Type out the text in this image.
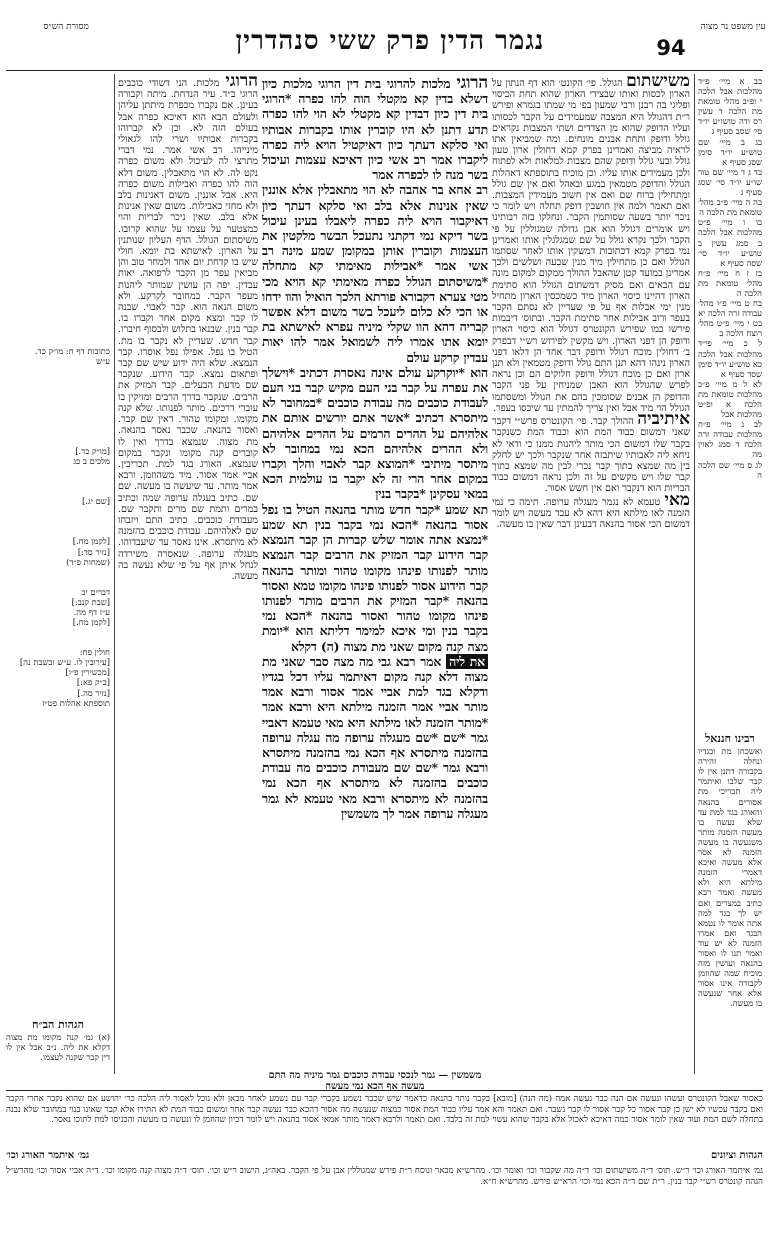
מסורת הש״ס	נגמר הדין פרק ששי סנהדרין	94
עין משפט נר מצוה

בב א מיי׳ פ״ד מהלכות אבל הלכה י ופ״ב מהל׳ טומאת מת הלכה ד עשין רס ודה טושו״ע יו״ד סי׳ שסב סעיף ג

בג ב מיי׳ שם טוש״ע יו״ד סימן שסג סעיף א

בד ג ד מיי׳ שם טור שו״ע יו״ד סי׳ שסג סעיף ג

בה ה מיי׳ פ״ב מהל׳ טומאת מת הלכה ה

בו ו מיי׳ פ״ט מהלכות אבל הלכה ב סמג עשין ב טוש״ע יו״ד סי׳ שסה סעיף א

בז ז ח מיי׳ פ״ח מהל׳ טומאת מת הלכה ה

בח ט מיי׳ פ״ו מהל׳ עבודה זרה הלכה יא

בט י מיי׳ פ״ט מהל׳ רוצח הלכה ב

ל כ מיי׳ פי״ד מהלכות אבל הלכה כא טוש״ע יו״ד סימן שסד סעיף א

לא ל מ מיי׳ פ״ב מהלכות טומאת מת הלכה א ופ״ט מהלכות אבל

לב נ מיי׳ פ״ח מהלכות עבודה זרה הלכה ד סמג לאוין מה

לג ס מיי׳ שם הלכה ה

רבינו חננאל

ואשכחן מת ובגדיו ונחלה זהירה בקבורה דתנן אין לו קבר שלבו ואיתמר ליה תכריכי מת אסורים בהנאה והאורג בגד למת עד שלא נעשה בו מעשה הזמנה מותר משנעשה בו מעשה הזמנה לא אסר אלא מעשה ואיכא דאמרי הזמנה מילתא היא ולא מעשה ואמר רבא כתיב במצרים ואם יש לך בגד למה אתה אומר לו נטמא הבגד ואם אמרו הזמנה לא יש עוד ואמר תנו לו ואסור בהנאה ועושין מזה מוכיח שמה שהוזמן לקבורה אינו אסור אלא אחר שנעשה בו מעשה.

משישתום הגולל. פי׳ הקונט׳ הוא דף הנתון על הארון לכסות ואותו שבצידי הארון שהוא תחת הכיסוי ופליגי בה רבנן ורבי שמעון בפ׳ מי שמתו בגמרא ופירש ר״ת דהגולל היא המצבה שמעמידים על הקבר לכסותו ועליו הדופק שהוא מן הצדדים ושתי המצבות נקראים גולל ודופק ותחת אבנים מונחים. ומה שמביאין אתו לראיה מביצה ואמרינן בפרק קמא דחולין ארון טעון גולל ובעי גולל ודופק שהם מצבות למלאות ולא לפתוח ולכן מעמידים אותו עליו. וכן מוכיח בתוספתא דאהלות הגולל והדופק מטמאין במגע ובאהל ואם אין שם גולל ומתחילין ברוח שם ואם אין חשוב מעמידין המצבות. ואם תאמר ולמה אין חושבין דופק תחלה ויש לומר כי ניכר יותר בשעה שסותמין הקבר. ונחלקו בזה רבותינו ויש אומרים דגולל הוא אבן גדולה שמגוללין על פי הקבר ולכך נקרא גולל על שם שמגלגלין אותו ואמרינן נמי בפרק קמא דכתובות דמשקין אותו לאחר שסתמו הגולל ואם כן מתחילין מיד מנין שבעה ושלשים ולכך אמרינן במועד קטן שהאבל ההולך ממקום למקום מונה עם הבאים ואם מסיק דמשתום הגולל הוא סתימת הארון דהיינו כיסוי הארון מיד כשמכסין הארון מתחיל מנין ימי אבלות אף על פי שעדיין לא נסתם הקבר בעפר ורוב אבילות אחר סתימת הקבר. ובתוס׳ דיבמות פירשו כמו שפירש הקונטרס דגולל הוא כיסוי הארון ודופק הן דפני הארון. ויש מקשין לפירוש רש״י דבפרק ב׳ דחולין מוכח דגולל ודופק דבר אחד הן דלאו דפני הארון נינהו דהא תנן התם גולל ודופק מטמאין ולא תנן ארון ואם כן מוכח דגולל ודופק חלוקים הם וכן נראה לפרש שהגולל הוא האבן שמניחין על פני הקבר והדופק הן אבנים שסומכין בהם את הגולל ומשסתמו הגולל הוי מיד אבל ואין צריך להמתין עד שיכסו בעפר.

איתיביה ההולך קבר. פי׳ הקונטרס פרש״י דקבר שאני דמשום כבוד המת הוא וכבוד המת כשנקבר בקבר שלו דמשום הכי מותר ליהנות ממנו כי ודאי לא ניחא ליה לאבותיו שיתבזה אחר שנקבר ולכך יש לחלק בין מה שמצא בתוך קבר נכרי לבין מה שמצא בתוך קבר שלו ויש מקשים על זה ולכן נראה דמשום כבוד הבריות הוא דנקבר ואם אין חשש אסור.

מאי טעמא לא נגמר מעגלה ערופה. תימה כי נמי הזמנה לאו מילתא היא דהא לא עבד מעשה ויש לומר דמשום הכי אסור בהנאה דבעינן דבר שאין בו מעשה.

הרוגי מלכות להרוגי בית דין הרוגי מלכות כיון דשלא בדין קא מקטלי הוה להו כפרה *הרוגי בית דין כיון דבדין קא מקטלי לא הוי להו כפרה תדע דתנן לא היו קוברין אותו בקברות אבותיו ואי סלקא דעתך כיון דאיקטיל הויא ליה כפרה ליקברו אמר רב אשי כיון דאיכא עצמות ועיכול בשר מנה לו לכפרה אמר

רב אחא בר אהבה לא הוי מתאבלין אלא אוננין שאין אנינות אלא בלב ואי סלקא דעתך כיון דאיקבור הויא ליה כפרה ליאבלו בעינן עיכול בשר דיקא נמי דקתני נתעכל הבשר מלקטין את העצמות וקוברין אותן במקומן שמע מינה רב אשי אמר *אבילות מאימתי קא מתחלה *משיסתום הגולל כפרה מאימתי קא הויא מכי מטי צערא דקבורא פורתא הלכך הואיל והוו ידחו או הכי לא כלום ליעכל בשר משום דלא אפשר קבריה דהא הוו שקלי מיניה עפרא לאישתא בת יומא אתו אמרו ליה לשמואל אמר להו יאות עבדין קרקע עולם

הוא *יוקרקע עולם אינה נאסרת דכתיב *וישלך את עפרה על קבר בני העם מקיש קבר בני העם לעבודת כוכבים מה עבודת כוכבים *במחובר לא מיתסרא דכתיב *אשר אתם יורשים אותם את אלהיהם על ההרים הרמים על ההרים אלהיהם ולא ההרים אלהיהם הכא נמי במחובר לא מיתסר מיתיבי *המוצא קבר לאבוי והלך וקברו במקום אחר הרי זה לא יקבר בו עולמית הכא במאי עסקינן *בקבר בנין

תא שמע *קבר חדש מותר בהנאה הטיל בו נפל אסור בהנאה *הכא נמי בקבר בנין תא שמע *נמצא אתה אומר שלש קברות הן קבר הנמצא קבר הידוע קבר המזיק את הרבים קבר הנמצא מותר לפנותו פינהו מקומו טהור ומותר בהנאה קבר הידוע אסור לפנותו פינהו מקומו טמא ואסור בהנאה *קבר המזיק את הרבים מותר לפנותו פינהו מקומו טהור ואסור בהנאה *הכא נמי בקבר בנין ומי איכא למימר דליתא הוא *יומת מצה קנה מקום שאני מת מצוה (ה) דקלא

את ליה אמר רבא גבי מה מצה סבר שאני מת מצוה דלא קנה מקום דאיתמר עליו דכל בגדיו ודקלא בגד למת אביי אמר אסור ורבא אמר מותר אביי אמר הזמנה מילתא היא ורבא אמר *מותר הזמנה לאו מילתא היא מאי טעמא דאביי גמר *שם *שם מעגלה ערופה מה עגלה ערופה בהזמנה מיתסרא אף הכא נמי בהזמנה מיתסרא ורבא גמר *שם שם מעבודת כוכבים מה עבודת כוכבים בהזמנה לא מיתסרא אף הכא נמי בהזמנה לא מיתסרא ורבא מאי טעמא לא גמר מעגלה ערופה אמר לך משמשין

משמשין — גמר לנכסי עבודת כוכבים גמר מיניה מה התם מעשה אף הכא נמי מעשה

הרוגי מלכות. הני דשודי כוכבים הרוגי ב״ד. עיר הנדחת. מיתה וקבורה בעינן. אם נקברו מכפרת מיתתן עליהן ולעולם הבא הוא דאיכא כפרה אבל בעולם הזה לא. וכן לא קברוהו בקברות אבותיו ושרי להו לגאולי מינייהו. רב אשי אמר. נמי דברי מתרצי לה לעיכול ולא משום כפרה נקט לה. לא הוי מתאבלין. משום דלא הוה להו כפרה ואבילות משום כפרה היא. אבל אוננין. משום דאנינות בלב ולא מחזי כאבילות. משום שאין אנינות אלא בלב. שאין ניכר לבריות והוי כמצטער על עצמו על שהוא קרובו. משיסתום הגולל. הדף העליון שנותנין על הארון. לאישתא בת יומא. חולי שיש בו קדחת יום אחד ולמחר טוב והן מביאין עפר מן הקבר לרפואה. יאות עבדין. יפה הן עושין שמותר ליהנות מעפר הקבר. במחובר לקרקע. ולא משום הנאה הוא. קבר לאבוי. שבנה לו קבר ומצא מקום אחר וקברו בו. קבר בנין. שבנאו בתלוש ולבסוף חיברו. קבר חדש. שעדיין לא נקבר בו מת. הטיל בו נפל. אפילו נפל אוסרו. קבר הנמצא. שלא היה ידוע שיש שם קבר ופתאום נמצא. קבר הידוע. שנקבר שם מדעת הבעלים. קבר המזיק את הרבים. שנקבר בדרך הרבים ומזיקין בו עוברי דרכים. מותר לפנותו. שלא קנה מקומו. ומקומו טהור. דאין שם קבר. ואסור בהנאה. שכבר נאסר בהנאה. מת מצוה. שנמצא בדרך ואין לו קוברים קנה מקומו ונקבר במקום שנמצא. האורג בגד למת. תכריכין. אביי אמר אסור. מיד משהוזמן. ורבא אמר מותר. עד שיעשה בו מעשה. שם שם. כתיב בעגלה ערופה שמה וכתיב במרים ותמת שם מרים ותקבר שם. מעבודת כוכבים. כתיב התם ויזבחו שם לאלהיהם. עבודת כוכבים בהזמנה לא מיתסרא. אינו נאסר עד שיעבדוהו. מעגלה ערופה. שנאסרה משירדה לנחל איתן אף על פי שלא נעשה בה מעשה.

כתובות דף ח: מו״ק כד.

ע״ש

[מו״ק כד.]

מלכים ב כג

[שם יג.]

[לקמן מח.]

[נזיר סד:]

(שמחות פ״ד)

דברים יב

[שבת קנב:]

ע״ז דף מה.

[לקמן מח.]

חולין פח:

[עירובין לו. ע״ש ובשבת נה]

[מכשירין פ״ו]

[ב״ק פא:]

[נזיר סה.]

תוספתא אהלות פט״ז

הגהות הב״ח

(א) גמ׳ קנה מקומו מת מצוה דקלא את ליה. נ״ב אבל אין לו דין קבר שקנה לעצמו.

כאסור שאבל הקונטרס ועשהו ונעשה אם הנה כבר נעשה אמה (מה הנה) [מובא] בקבר נותר בהנאה כדאמר שיש שכבר נשמע בקברי קבר עם נשמע לאחר מכאן ולא נוכל לאסור ליה הלכה כר׳ יהושע אם שהוא נקבר אחרי הקבר ואם בקבר עכשיו לא ישן כן קבר אסור כל קבר אסור לו קבר נשבר. ואם תאמר והא אמר עליו כבוד המת אסור כמצוה שנעשה מה אסור דהכא כבר נעשה קבר אחר ומשום כבוד המת לא התירו אלא קבר שאינו בנוי במחובר שלא נבנה בתחלה לשם המת ועוד שאין לומר אסור כמה דאיכא לאכול אלא בקבר שהוא עשוי למת זה בלבד. ואם תאמר ולרבא דאמר מותר אמאי אסור בהנאה ויש לומר דכיון שהוזמן לו ונעשה בו מעשה והכניסו למת לתוכו נאסר.
הגהות וציונים
גמ׳ איתמר האורג וכו׳
גמ׳ איתמר האורג וכו׳ ר״ש. תוס׳ ד״ה משישתום וכו׳ ד״ה מה שקבור וכו׳ ואומר וכו׳. מהרש״א מבאר ונוסח ר״ת פירש שמגוללין אבן על פי הקבר. באה״ג, הישוב ר״ש וכו׳. תוס׳ ד״ה מצוה קנה מקומו וכו׳. ד״ה אביי אסור וכו׳ מהרש״ל הגהה קונטרס רש״י קבר בנין. ר״ת שם ד״ה הכא נמי וכו׳ הרא״ש פירש. מהרש״א ח״א.
